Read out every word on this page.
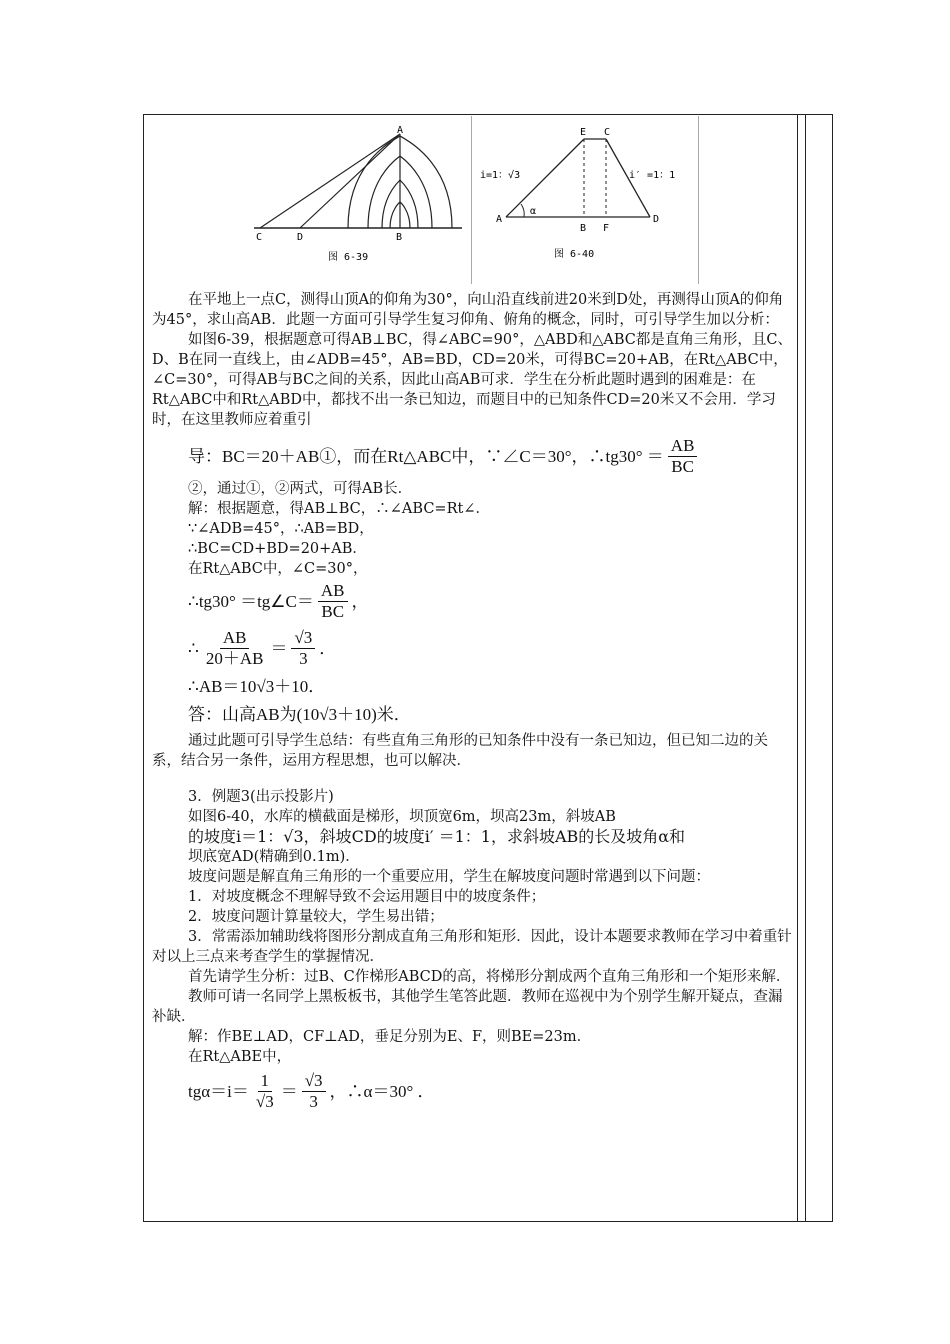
A
C	D	B
图 6-39
E C
i=1：√3	i′ =1：1
α
A	D
B F
图 6-40

在平地上一点C，测得山顶A的仰角为30°，向山沿直线前进20米到D处，再测得山顶A的仰角为45°，求山高AB．此题一方面可引导学生复习仰角、俯角的概念，同时，可引导学生加以分析：

如图6-39，根据题意可得AB⊥BC，得∠ABC=90°，△ABD和△ABC都是直角三角形，且C、D、B在同一直线上，由∠ADB=45°，AB=BD，CD=20米，可得BC=20+AB，在Rt△ABC中，∠C=30°，可得AB与BC之间的关系，因此山高AB可求．学生在分析此题时遇到的困难是：在Rt△ABC中和Rt△ABD中，都找不出一条已知边，而题目中的已知条件CD=20米又不会用．学习时，在这里教师应着重引

导：BC＝20＋AB①，而在Rt△ABC中，∵∠C＝30°，∴tg30° ＝ $\frac{AB}{BC}$

②，通过①，②两式，可得AB长．

解：根据题意，得AB⊥BC，∴∠ABC=Rt∠．

∵∠ADB=45°，∴AB=BD，

∴BC=CD+BD=20+AB．

在Rt△ABC中，∠C=30°，

∴tg30° ＝tg∠C＝ $\frac{AB}{BC}$ ，
∴ $\frac{AB}{20+AB} = \frac{√3}{3}$ ．
∴AB＝10√3＋10．
答：山高AB为(10√3＋10)米．

通过此题可引导学生总结：有些直角三角形的已知条件中没有一条已知边，但已知二边的关系，结合另一条件，运用方程思想，也可以解决．

3．例题3(出示投影片)

如图6-40，水库的横截面是梯形，坝顶宽6m，坝高23m，斜坡AB

的坡度i＝1：√3，斜坡CD的坡度i′ ＝1：1，求斜坡AB的长及坡角α和

坝底宽AD(精确到0.1m)．

坡度问题是解直角三角形的一个重要应用，学生在解坡度问题时常遇到以下问题：

1．对坡度概念不理解导致不会运用题目中的坡度条件；

2．坡度问题计算量较大，学生易出错；

3．常需添加辅助线将图形分割成直角三角形和矩形．因此，设计本题要求教师在学习中着重针对以上三点来考查学生的掌握情况．

首先请学生分析：过B、C作梯形ABCD的高，将梯形分割成两个直角三角形和一个矩形来解．

教师可请一名同学上黑板板书，其他学生笔答此题．教师在巡视中为个别学生解开疑点，查漏补缺．

解：作BE⊥AD，CF⊥AD，垂足分别为E、F，则BE=23m．

在Rt△ABE中，

$tg\alpha=i= \frac{1}{√3} = \frac{√3}{3}$ ，∴α＝30° ．
